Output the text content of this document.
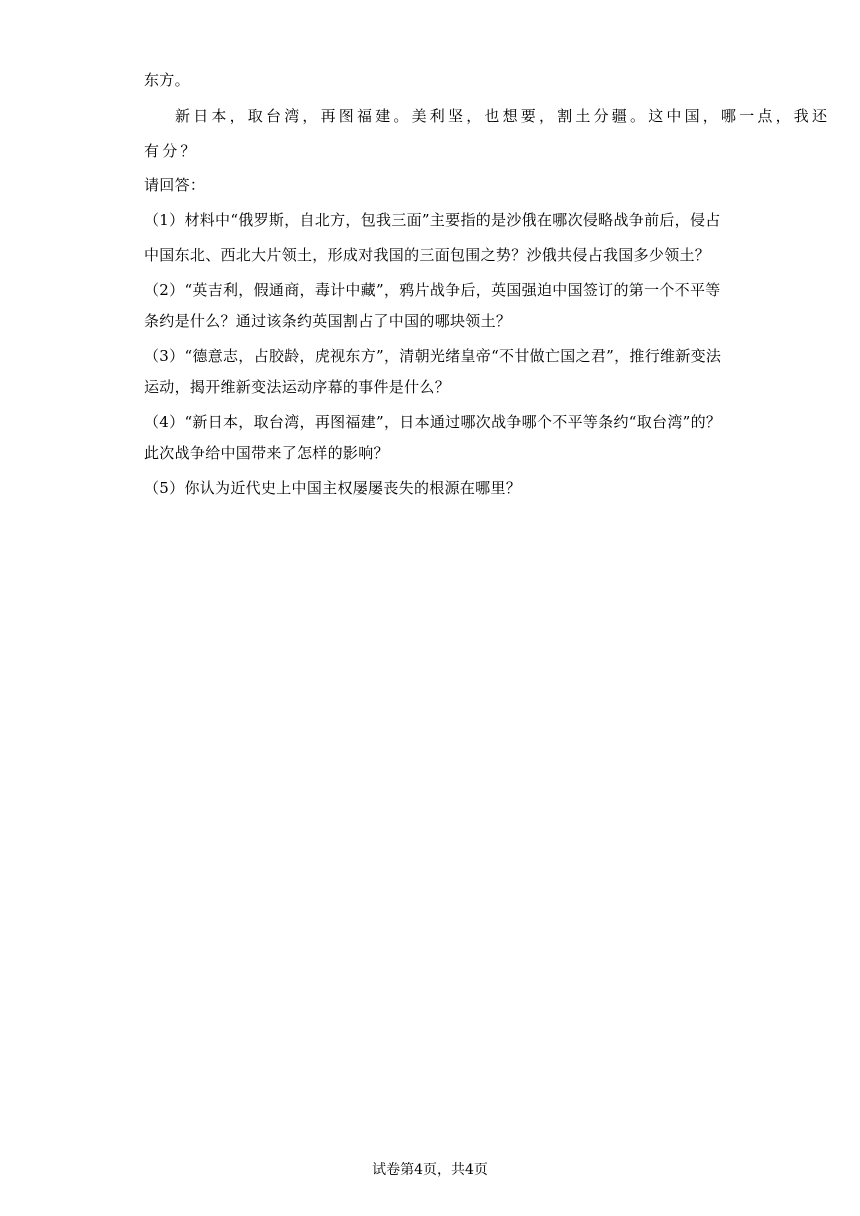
东方。
新日本，取台湾，再图福建。美利坚，也想要，割土分疆。这中国，哪一点，我还
有分？
请回答：
（1）材料中“俄罗斯，自北方，包我三面”主要指的是沙俄在哪次侵略战争前后，侵占
中国东北、西北大片领土，形成对我国的三面包围之势？沙俄共侵占我国多少领土？
（2）“英吉利，假通商，毒计中藏”，鸦片战争后，英国强迫中国签订的第一个不平等
条约是什么？通过该条约英国割占了中国的哪块领土？
（3）“德意志，占胶龄，虎视东方”，清朝光绪皇帝“不甘做亡国之君”，推行维新变法
运动，揭开维新变法运动序幕的事件是什么？
（4）“新日本，取台湾，再图福建”，日本通过哪次战争哪个不平等条约“取台湾”的？
此次战争给中国带来了怎样的影响？
（5）你认为近代史上中国主权屡屡丧失的根源在哪里？
试卷第4页，共4页
